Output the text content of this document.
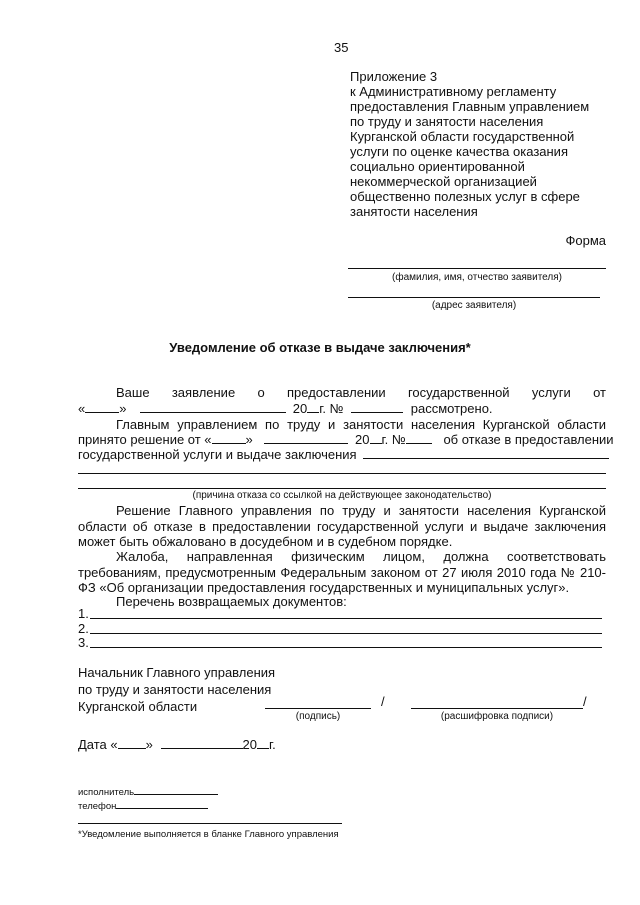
35
Приложение 3
к Административному регламенту
предоставления Главным управлением
по труду и занятости населения
Курганской области государственной
услуги по оценке качества оказания
социально ориентированной
некоммерческой организацией
общественно полезных услуг в сфере
занятости населения
Форма
(фамилия, имя, отчество заявителя)
(адрес заявителя)
Уведомление об отказе в выдаче заключения*
Ваше заявление о предоставлении государственной услуги от
«	»	20 г. №	рассмотрено.
Главным управлением по труду и занятости населения Курганской области
принято решение от «	»	20 г. №	об отказе в предоставлении
государственной услуги и выдаче заключения
(причина отказа со ссылкой на действующее законодательство)
Решение Главного управления по труду и занятости населения Курганской области об отказе в предоставлении государственной услуги и выдаче заключения может быть обжаловано в досудебном и в судебном порядке.
Жалоба, направленная физическим лицом, должна соответствовать требованиям, предусмотренным Федеральным законом от 27 июля 2010 года № 210-ФЗ «Об организации предоставления государственных и муниципальных услуг».
Перечень возвращаемых документов:
1.
2.
3.
Начальник Главного управления
по труду и занятости населения
Курганской области	/	/
(подпись)	(расшифровка подписи)
Дата « »	20 г.
исполнитель
телефон
*Уведомление выполняется в бланке Главного управления
